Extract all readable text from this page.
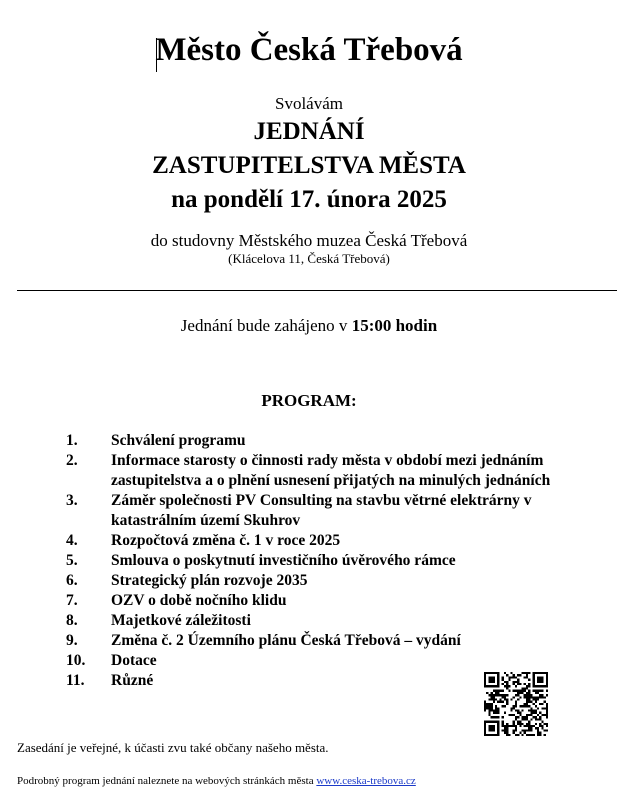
Město Česká Třebová
Svolávám
JEDNÁNÍ
ZASTUPITELSTVA MĚSTA
na pondělí 17. února 2025
do studovny Městského muzea Česká Třebová
(Klácelova 11, Česká Třebová)
Jednání bude zahájeno v 15:00 hodin
PROGRAM:
1. Schválení programu
2. Informace starosty o činnosti rady města v období mezi jednáním zastupitelstva a o plnění usnesení přijatých na minulých jednáních
3. Záměr společnosti PV Consulting na stavbu větrné elektrárny v katastrálním území Skuhrov
4. Rozpočtová změna č. 1 v roce 2025
5. Smlouva o poskytnutí investičního úvěrového rámce
6. Strategický plán rozvoje 2035
7. OZV o době nočního klidu
8. Majetkové záležitosti
9. Změna č. 2 Územního plánu Česká Třebová – vydání
10. Dotace
11. Různé
Zasedání je veřejné, k účasti zvu také občany našeho města.
Podrobný program jednání naleznete na webových stránkách města www.ceska-trebova.cz
